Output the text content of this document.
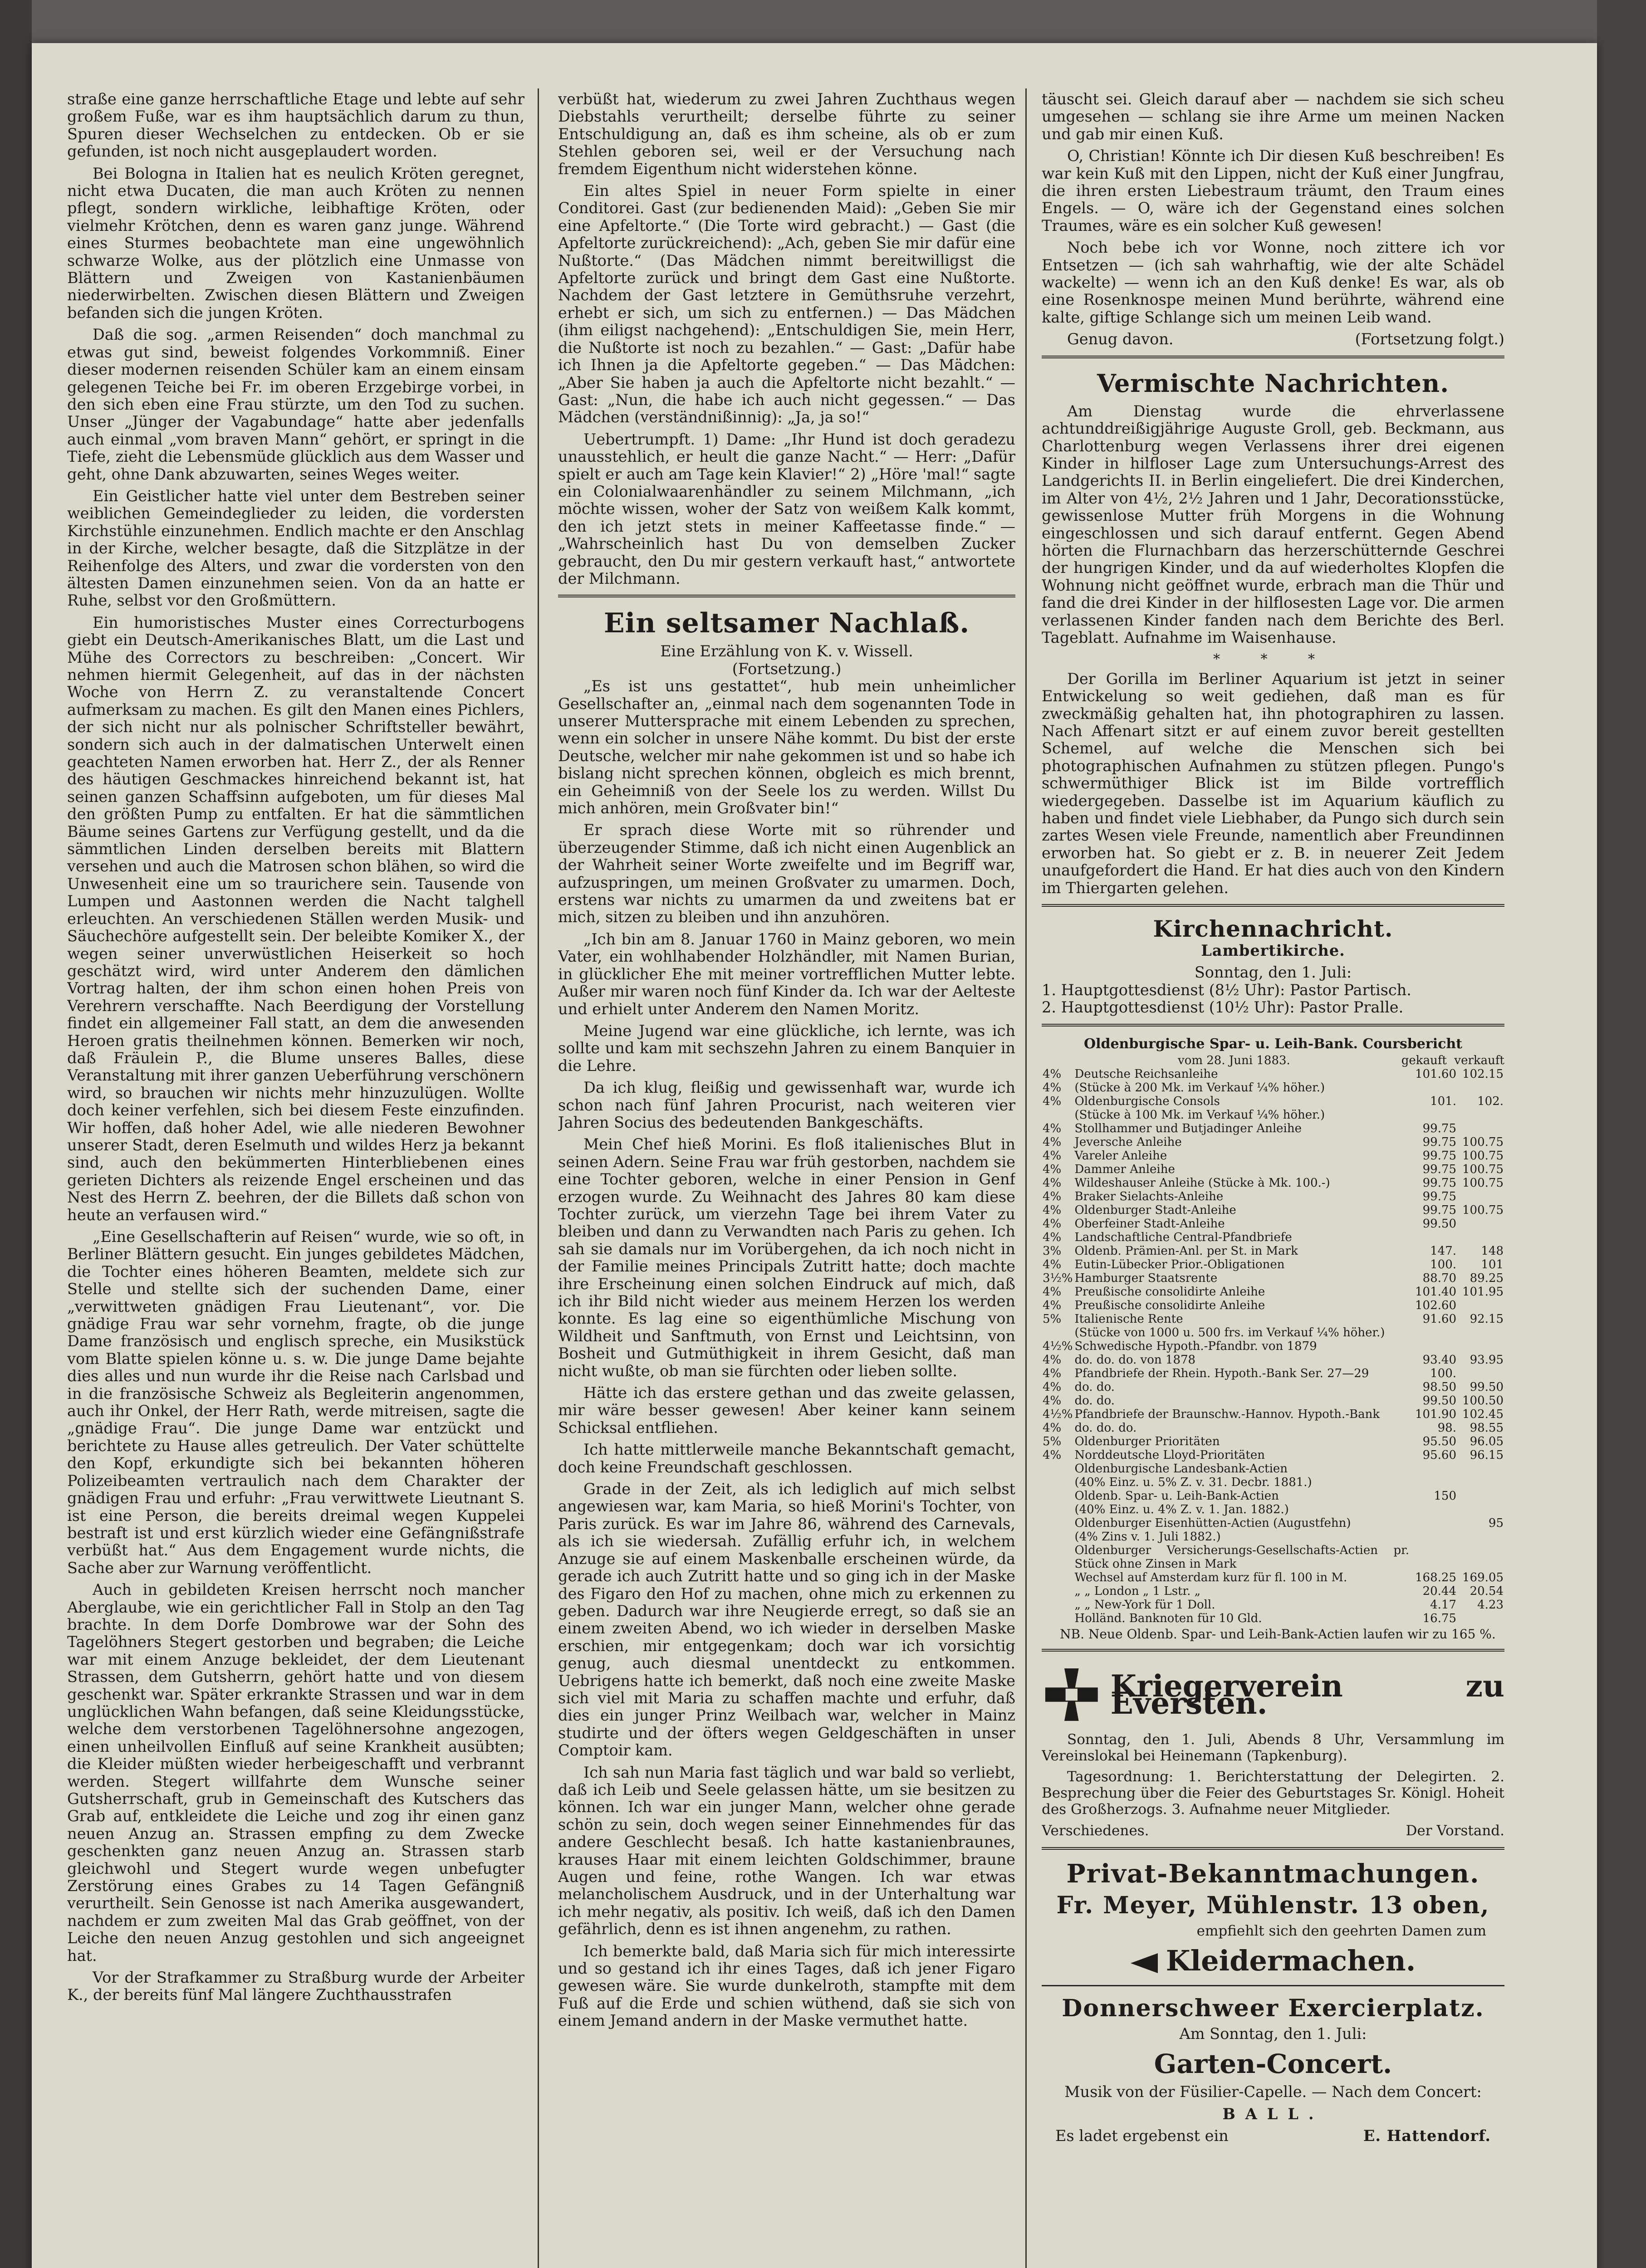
straße eine ganze herrschaftliche Etage und lebte auf sehr großem Fuße, war es ihm hauptsächlich darum zu thun, Spuren dieser Wechselchen zu entdecken. Ob er sie gefunden, ist noch nicht ausgeplaudert worden.

Bei Bologna in Italien hat es neulich Kröten geregnet, nicht etwa Ducaten, die man auch Kröten zu nennen pflegt, sondern wirkliche, leibhaftige Kröten, oder vielmehr Krötchen, denn es waren ganz junge. Während eines Sturmes beobachtete man eine ungewöhnlich schwarze Wolke, aus der plötzlich eine Unmasse von Blättern und Zweigen von Kastanienbäumen niederwirbelten. Zwischen diesen Blättern und Zweigen befanden sich die jungen Kröten.

Daß die sog. „armen Reisenden“ doch manchmal zu etwas gut sind, beweist folgendes Vorkommniß. Einer dieser modernen reisenden Schüler kam an einem einsam gelegenen Teiche bei Fr. im oberen Erzgebirge vorbei, in den sich eben eine Frau stürzte, um den Tod zu suchen. Unser „Jünger der Vagabundage“ hatte aber jedenfalls auch einmal „vom braven Mann“ gehört, er springt in die Tiefe, zieht die Lebensmüde glücklich aus dem Wasser und geht, ohne Dank abzuwarten, seines Weges weiter.

Ein Geistlicher hatte viel unter dem Bestreben seiner weiblichen Gemeindeglieder zu leiden, die vordersten Kirchstühle einzunehmen. Endlich machte er den Anschlag in der Kirche, welcher besagte, daß die Sitzplätze in der Reihenfolge des Alters, und zwar die vordersten von den ältesten Damen einzunehmen seien. Von da an hatte er Ruhe, selbst vor den Großmüttern.

Ein humoristisches Muster eines Correcturbogens giebt ein Deutsch-Amerikanisches Blatt, um die Last und Mühe des Correctors zu beschreiben: „Concert. Wir nehmen hiermit Gelegenheit, auf das in der nächsten Woche von Herrn Z. zu veranstaltende Concert aufmerksam zu machen. Es gilt den Manen eines Pichlers, der sich nicht nur als polnischer Schriftsteller bewährt, sondern sich auch in der dalmatischen Unterwelt einen geachteten Namen erworben hat. Herr Z., der als Renner des häutigen Geschmackes hinreichend bekannt ist, hat seinen ganzen Schaffsinn aufgeboten, um für dieses Mal den größten Pump zu entfalten. Er hat die sämmtlichen Bäume seines Gartens zur Verfügung gestellt, und da die sämmtlichen Linden derselben bereits mit Blattern versehen und auch die Matrosen schon blähen, so wird die Unwesenheit eine um so traurichere sein. Tausende von Lumpen und Aastonnen werden die Nacht talghell erleuchten. An verschiedenen Ställen werden Musik- und Säuchechöre aufgestellt sein. Der beleibte Komiker X., der wegen seiner unverwüstlichen Heiserkeit so hoch geschätzt wird, wird unter Anderem den dämlichen Vortrag halten, der ihm schon einen hohen Preis von Verehrern verschaffte. Nach Beerdigung der Vorstellung findet ein allgemeiner Fall statt, an dem die anwesenden Heroen gratis theilnehmen können. Bemerken wir noch, daß Fräulein P., die Blume unseres Balles, diese Veranstaltung mit ihrer ganzen Ueberführung verschönern wird, so brauchen wir nichts mehr hinzuzulügen. Wollte doch keiner verfehlen, sich bei diesem Feste einzufinden. Wir hoffen, daß hoher Adel, wie alle niederen Bewohner unserer Stadt, deren Eselmuth und wildes Herz ja bekannt sind, auch den bekümmerten Hinterbliebenen eines gerieten Dichters als reizende Engel erscheinen und das Nest des Herrn Z. beehren, der die Billets daß schon von heute an verfausen wird.“

„Eine Gesellschafterin auf Reisen“ wurde, wie so oft, in Berliner Blättern gesucht. Ein junges gebildetes Mädchen, die Tochter eines höheren Beamten, meldete sich zur Stelle und stellte sich der suchenden Dame, einer „verwittweten gnädigen Frau Lieutenant“, vor. Die gnädige Frau war sehr vornehm, fragte, ob die junge Dame französisch und englisch spreche, ein Musikstück vom Blatte spielen könne u. s. w. Die junge Dame bejahte dies alles und nun wurde ihr die Reise nach Carlsbad und in die französische Schweiz als Begleiterin angenommen, auch ihr Onkel, der Herr Rath, werde mitreisen, sagte die „gnädige Frau“. Die junge Dame war entzückt und berichtete zu Hause alles getreulich. Der Vater schüttelte den Kopf, erkundigte sich bei bekannten höheren Polizeibeamten vertraulich nach dem Charakter der gnädigen Frau und erfuhr: „Frau verwittwete Lieutnant S. ist eine Person, die bereits dreimal wegen Kuppelei bestraft ist und erst kürzlich wieder eine Gefängnißstrafe verbüßt hat.“ Aus dem Engagement wurde nichts, die Sache aber zur Warnung veröffentlicht.

Auch in gebildeten Kreisen herrscht noch mancher Aberglaube, wie ein gerichtlicher Fall in Stolp an den Tag brachte. In dem Dorfe Dombrowe war der Sohn des Tagelöhners Stegert gestorben und begraben; die Leiche war mit einem Anzuge bekleidet, der dem Lieutenant Strassen, dem Gutsherrn, gehört hatte und von diesem geschenkt war. Später erkrankte Strassen und war in dem unglücklichen Wahn befangen, daß seine Kleidungsstücke, welche dem verstorbenen Tagelöhnersohne angezogen, einen unheilvollen Einfluß auf seine Krankheit ausübten; die Kleider müßten wieder herbeigeschafft und verbrannt werden. Stegert willfahrte dem Wunsche seiner Gutsherrschaft, grub in Gemeinschaft des Kutschers das Grab auf, entkleidete die Leiche und zog ihr einen ganz neuen Anzug an. Strassen empfing zu dem Zwecke geschenkten ganz neuen Anzug an. Strassen starb gleichwohl und Stegert wurde wegen unbefugter Zerstörung eines Grabes zu 14 Tagen Gefängniß verurtheilt. Sein Genosse ist nach Amerika ausgewandert, nachdem er zum zweiten Mal das Grab geöffnet, von der Leiche den neuen Anzug gestohlen und sich angeeignet hat.

Vor der Strafkammer zu Straßburg wurde der Arbeiter K., der bereits fünf Mal längere Zuchthausstrafen

verbüßt hat, wiederum zu zwei Jahren Zuchthaus wegen Diebstahls verurtheilt; derselbe führte zu seiner Entschuldigung an, daß es ihm scheine, als ob er zum Stehlen geboren sei, weil er der Versuchung nach fremdem Eigenthum nicht widerstehen könne.

Ein altes Spiel in neuer Form spielte in einer Conditorei. Gast (zur bedienenden Maid): „Geben Sie mir eine Apfeltorte.“ (Die Torte wird gebracht.) — Gast (die Apfeltorte zurückreichend): „Ach, geben Sie mir dafür eine Nußtorte.“ (Das Mädchen nimmt bereitwilligst die Apfeltorte zurück und bringt dem Gast eine Nußtorte. Nachdem der Gast letztere in Gemüthsruhe verzehrt, erhebt er sich, um sich zu entfernen.) — Das Mädchen (ihm eiligst nachgehend): „Entschuldigen Sie, mein Herr, die Nußtorte ist noch zu bezahlen.“ — Gast: „Dafür habe ich Ihnen ja die Apfeltorte gegeben.“ — Das Mädchen: „Aber Sie haben ja auch die Apfeltorte nicht bezahlt.“ — Gast: „Nun, die habe ich auch nicht gegessen.“ — Das Mädchen (verständnißinnig): „Ja, ja so!“

Uebertrumpft. 1) Dame: „Ihr Hund ist doch geradezu unausstehlich, er heult die ganze Nacht.“ — Herr: „Dafür spielt er auch am Tage kein Klavier!“ 2) „Höre 'mal!“ sagte ein Colonialwaarenhändler zu seinem Milchmann, „ich möchte wissen, woher der Satz von weißem Kalk kommt, den ich jetzt stets in meiner Kaffeetasse finde.“ — „Wahrscheinlich hast Du von demselben Zucker gebraucht, den Du mir gestern verkauft hast,“ antwortete der Milchmann.

Ein seltsamer Nachlaß.

Eine Erzählung von K. v. Wissell.

(Fortsetzung.)

„Es ist uns gestattet“, hub mein unheimlicher Gesellschafter an, „einmal nach dem sogenannten Tode in unserer Muttersprache mit einem Lebenden zu sprechen, wenn ein solcher in unsere Nähe kommt. Du bist der erste Deutsche, welcher mir nahe gekommen ist und so habe ich bislang nicht sprechen können, obgleich es mich brennt, ein Geheimniß von der Seele los zu werden. Willst Du mich anhören, mein Großvater bin!“

Er sprach diese Worte mit so rührender und überzeugender Stimme, daß ich nicht einen Augenblick an der Wahrheit seiner Worte zweifelte und im Begriff war, aufzuspringen, um meinen Großvater zu umarmen. Doch, erstens war nichts zu umarmen da und zweitens bat er mich, sitzen zu bleiben und ihn anzuhören.

„Ich bin am 8. Januar 1760 in Mainz geboren, wo mein Vater, ein wohlhabender Holzhändler, mit Namen Burian, in glücklicher Ehe mit meiner vortrefflichen Mutter lebte. Außer mir waren noch fünf Kinder da. Ich war der Aelteste und erhielt unter Anderem den Namen Moritz.

Meine Jugend war eine glückliche, ich lernte, was ich sollte und kam mit sechszehn Jahren zu einem Banquier in die Lehre.

Da ich klug, fleißig und gewissenhaft war, wurde ich schon nach fünf Jahren Procurist, nach weiteren vier Jahren Socius des bedeutenden Bankgeschäfts.

Mein Chef hieß Morini. Es floß italienisches Blut in seinen Adern. Seine Frau war früh gestorben, nachdem sie eine Tochter geboren, welche in einer Pension in Genf erzogen wurde. Zu Weihnacht des Jahres 80 kam diese Tochter zurück, um vierzehn Tage bei ihrem Vater zu bleiben und dann zu Verwandten nach Paris zu gehen. Ich sah sie damals nur im Vorübergehen, da ich noch nicht in der Familie meines Principals Zutritt hatte; doch machte ihre Erscheinung einen solchen Eindruck auf mich, daß ich ihr Bild nicht wieder aus meinem Herzen los werden konnte. Es lag eine so eigenthümliche Mischung von Wildheit und Sanftmuth, von Ernst und Leichtsinn, von Bosheit und Gutmüthigkeit in ihrem Gesicht, daß man nicht wußte, ob man sie fürchten oder lieben sollte.

Hätte ich das erstere gethan und das zweite gelassen, mir wäre besser gewesen! Aber keiner kann seinem Schicksal entfliehen.

Ich hatte mittlerweile manche Bekanntschaft gemacht, doch keine Freundschaft geschlossen.

Grade in der Zeit, als ich lediglich auf mich selbst angewiesen war, kam Maria, so hieß Morini's Tochter, von Paris zurück. Es war im Jahre 86, während des Carnevals, als ich sie wiedersah. Zufällig erfuhr ich, in welchem Anzuge sie auf einem Maskenballe erscheinen würde, da gerade ich auch Zutritt hatte und so ging ich in der Maske des Figaro den Hof zu machen, ohne mich zu erkennen zu geben. Dadurch war ihre Neugierde erregt, so daß sie an einem zweiten Abend, wo ich wieder in derselben Maske erschien, mir entgegenkam; doch war ich vorsichtig genug, auch diesmal unentdeckt zu entkommen. Uebrigens hatte ich bemerkt, daß noch eine zweite Maske sich viel mit Maria zu schaffen machte und erfuhr, daß dies ein junger Prinz Weilbach war, welcher in Mainz studirte und der öfters wegen Geldgeschäften in unser Comptoir kam.

Ich sah nun Maria fast täglich und war bald so verliebt, daß ich Leib und Seele gelassen hätte, um sie besitzen zu können. Ich war ein junger Mann, welcher ohne gerade schön zu sein, doch wegen seiner Einnehmendes für das andere Geschlecht besaß. Ich hatte kastanienbraunes, krauses Haar mit einem leichten Goldschimmer, braune Augen und feine, rothe Wangen. Ich war etwas melancholischem Ausdruck, und in der Unterhaltung war ich mehr negativ, als positiv. Ich weiß, daß ich den Damen gefährlich, denn es ist ihnen angenehm, zu rathen.

Ich bemerkte bald, daß Maria sich für mich interessirte und so gestand ich ihr eines Tages, daß ich jener Figaro gewesen wäre. Sie wurde dunkelroth, stampfte mit dem Fuß auf die Erde und schien wüthend, daß sie sich von einem Jemand andern in der Maske vermuthet hatte.

täuscht sei. Gleich darauf aber — nachdem sie sich scheu umgesehen — schlang sie ihre Arme um meinen Nacken und gab mir einen Kuß.

O, Christian! Könnte ich Dir diesen Kuß beschreiben! Es war kein Kuß mit den Lippen, nicht der Kuß einer Jungfrau, die ihren ersten Liebestraum träumt, den Traum eines Engels. — O, wäre ich der Gegenstand eines solchen Traumes, wäre es ein solcher Kuß gewesen!

Noch bebe ich vor Wonne, noch zittere ich vor Entsetzen — (ich sah wahrhaftig, wie der alte Schädel wackelte) — wenn ich an den Kuß denke! Es war, als ob eine Rosenknospe meinen Mund berührte, während eine kalte, giftige Schlange sich um meinen Leib wand.

Genug davon.	(Fortsetzung folgt.)
Vermischte Nachrichten.

Am Dienstag wurde die ehrverlassene achtunddreißigjährige Auguste Groll, geb. Beckmann, aus Charlottenburg wegen Verlassens ihrer drei eigenen Kinder in hilfloser Lage zum Untersuchungs-Arrest des Landgerichts II. in Berlin eingeliefert. Die drei Kinderchen, im Alter von 4½, 2½ Jahren und 1 Jahr, Decorationsstücke, gewissenlose Mutter früh Morgens in die Wohnung eingeschlossen und sich darauf entfernt. Gegen Abend hörten die Flurnachbarn das herzerschütternde Geschrei der hungrigen Kinder, und da auf wiederholtes Klopfen die Wohnung nicht geöffnet wurde, erbrach man die Thür und fand die drei Kinder in der hilflosesten Lage vor. Die armen verlassenen Kinder fanden nach dem Berichte des Berl. Tageblatt. Aufnahme im Waisenhause.

* * *

Der Gorilla im Berliner Aquarium ist jetzt in seiner Entwickelung so weit gediehen, daß man es für zweckmäßig gehalten hat, ihn photographiren zu lassen. Nach Affenart sitzt er auf einem zuvor bereit gestellten Schemel, auf welche die Menschen sich bei photographischen Aufnahmen zu stützen pflegen. Pungo's schwermüthiger Blick ist im Bilde vortrefflich wiedergegeben. Dasselbe ist im Aquarium käuflich zu haben und findet viele Liebhaber, da Pungo sich durch sein zartes Wesen viele Freunde, namentlich aber Freundinnen erworben hat. So giebt er z. B. in neuerer Zeit Jedem unaufgefordert die Hand. Er hat dies auch von den Kindern im Thiergarten gelehen.

Kirchennachricht.

Lambertikirche.

Sonntag, den 1. Juli:

1. Hauptgottesdienst (8½ Uhr): Pastor Partisch.

2. Hauptgottesdienst (10½ Uhr): Pastor Pralle.

Oldenburgische Spar- u. Leih-Bank. Coursbericht

vom 28. Juni 1883.	gekauft verkauft
4%	Deutsche Reichsanleihe	101.60	102.15
4%	(Stücke à 200 Mk. im Verkauf ¼% höher.)		
4%	Oldenburgische Consols	101.	102.
	(Stücke à 100 Mk. im Verkauf ¼% höher.)		
4%	Stollhammer und Butjadinger Anleihe	99.75	
4%	Jeversche Anleihe	99.75	100.75
4%	Vareler Anleihe	99.75	100.75
4%	Dammer Anleihe	99.75	100.75
4%	Wildeshauser Anleihe (Stücke à Mk. 100.-)	99.75	100.75
4%	Braker Sielachts-Anleihe	99.75	
4%	Oldenburger Stadt-Anleihe	99.75	100.75
4%	Oberfeiner Stadt-Anleihe	99.50	
4%	Landschaftliche Central-Pfandbriefe		
3%	Oldenb. Prämien-Anl. per St. in Mark	147.	148
4%	Eutin-Lübecker Prior.-Obligationen	100.	101
3½%	Hamburger Staatsrente	88.70	89.25
4%	Preußische consolidirte Anleihe	101.40	101.95
4%	Preußische consolidirte Anleihe	102.60	
5%	Italienische Rente	91.60	92.15
	(Stücke von 1000 u. 500 frs. im Verkauf ¼% höher.)		
4½%	Schwedische Hypoth.-Pfandbr. von 1879		
4%	do. do. do. von 1878	93.40	93.95
4%	Pfandbriefe der Rhein. Hypoth.-Bank Ser. 27—29	100.	
4%	do. do.	98.50	99.50
4%	do. do.	99.50	100.50
4½%	Pfandbriefe der Braunschw.-Hannov. Hypoth.-Bank	101.90	102.45
4%	do. do. do.	98.	98.55
5%	Oldenburger Prioritäten	95.50	96.05
4%	Norddeutsche Lloyd-Prioritäten	95.60	96.15
	Oldenburgische Landesbank-Actien		
	(40% Einz. u. 5% Z. v. 31. Decbr. 1881.)		
	Oldenb. Spar- u. Leih-Bank-Actien	150	
	(40% Einz. u. 4% Z. v. 1. Jan. 1882.)		
	Oldenburger Eisenhütten-Actien (Augustfehn)		95
	(4% Zins v. 1. Juli 1882.)		
	Oldenburger Versicherungs-Gesellschafts-Actien pr. Stück ohne Zinsen in Mark		
	Wechsel auf Amsterdam kurz für fl. 100 in M.	168.25	169.05
	„ „ London „ 1 Lstr. „	20.44	20.54
	„ „ New-York für 1 Doll.	4.17	4.23
	Holländ. Banknoten für 10 Gld.	16.75	

NB. Neue Oldenb. Spar- und Leih-Bank-Actien laufen wir zu 165 %.

Kriegerverein zu Eversten.

Sonntag, den 1. Juli, Abends 8 Uhr, Versammlung im Vereinslokal bei Heinemann (Tapkenburg).

Tagesordnung: 1. Berichterstattung der Delegirten. 2. Besprechung über die Feier des Geburtstages Sr. Königl. Hoheit des Großherzogs. 3. Aufnahme neuer Mitglieder.

Verschiedenes.	Der Vorstand.

Privat-Bekanntmachungen.

Fr. Meyer, Mühlenstr. 13 oben,

empfiehlt sich den geehrten Damen zum

Kleidermachen.

Donnerschweer Exercierplatz.

Am Sonntag, den 1. Juli:

Garten-Concert.

Musik von der Füsilier-Capelle. — Nach dem Concert:

BALL.

Es ladet ergebenst ein	E. Hattendorf.
